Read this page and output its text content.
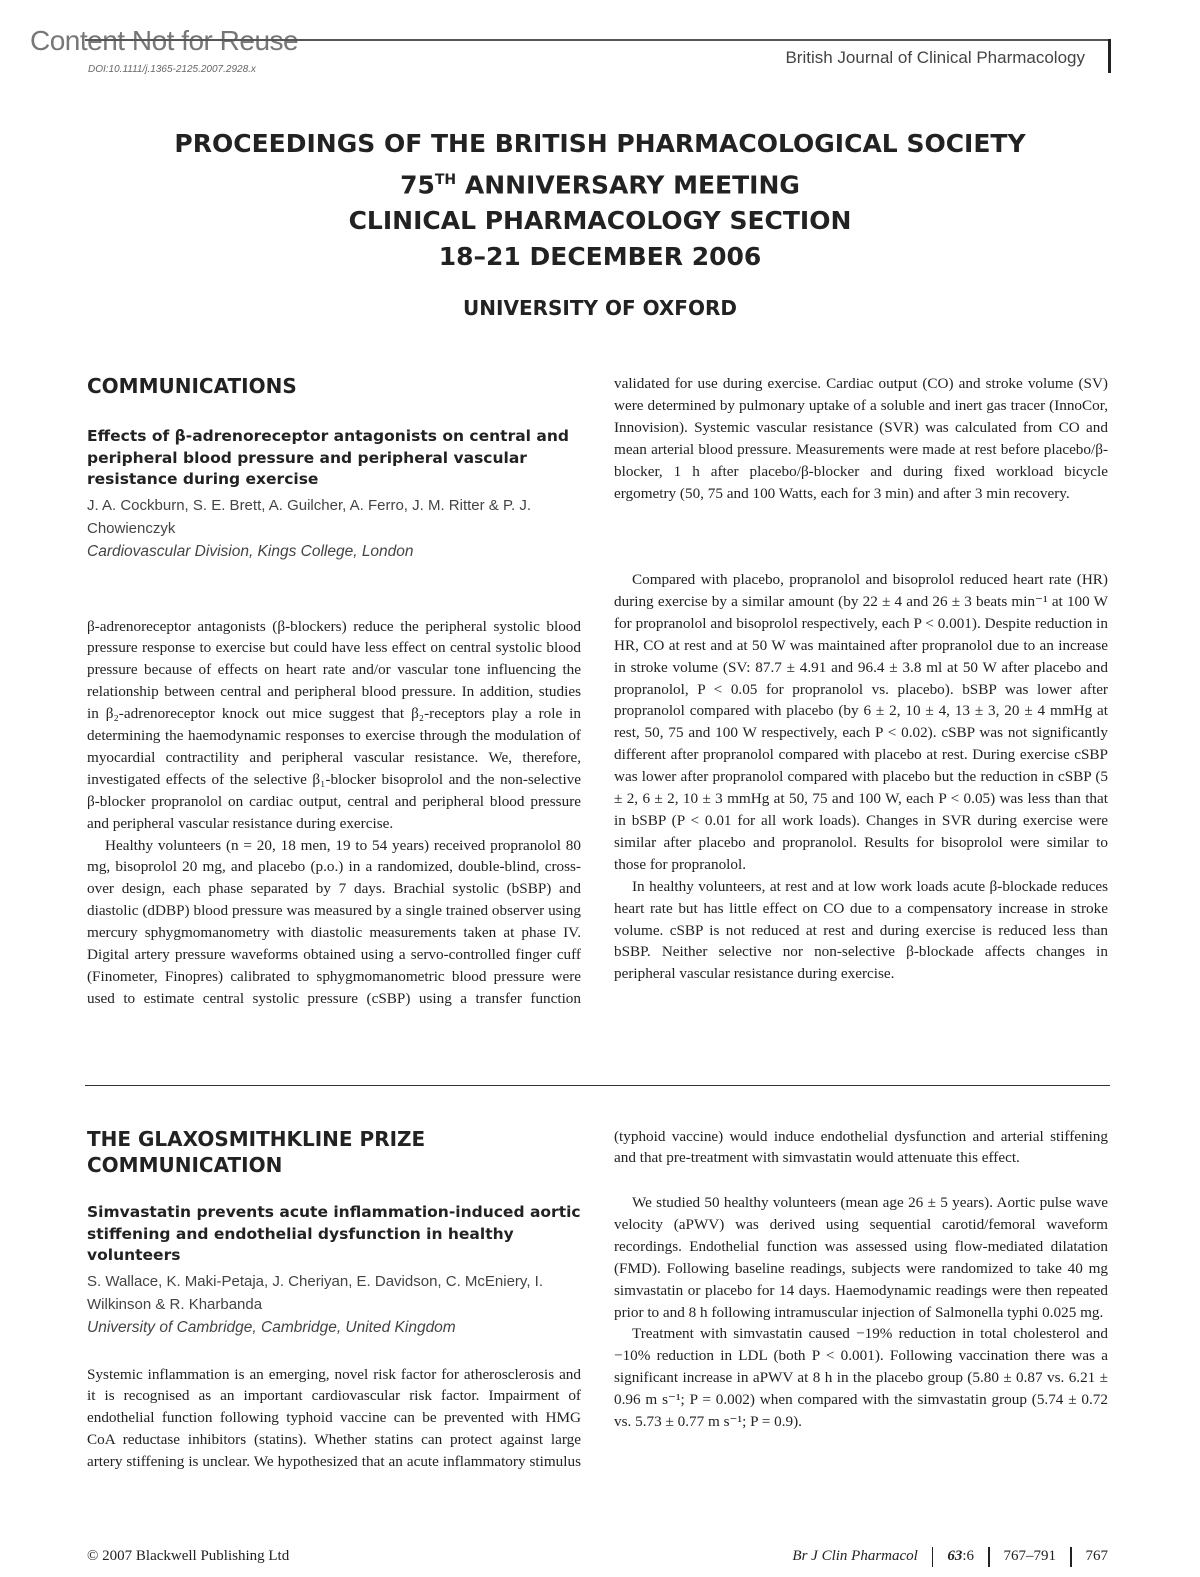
Content Not for Reuse
DOI:10.1111/j.1365-2125.2007.2928.x
British Journal of Clinical Pharmacology
PROCEEDINGS OF THE BRITISH PHARMACOLOGICAL SOCIETY
75TH ANNIVERSARY MEETING
CLINICAL PHARMACOLOGY SECTION
18–21 DECEMBER 2006
UNIVERSITY OF OXFORD
COMMUNICATIONS
Effects of β-adrenoreceptor antagonists on central and peripheral blood pressure and peripheral vascular resistance during exercise

J. A. Cockburn, S. E. Brett, A. Guilcher, A. Ferro, J. M. Ritter & P. J. Chowienczyk

Cardiovascular Division, Kings College, London

β-adrenoreceptor antagonists (β-blockers) reduce the peripheral systolic blood pressure response to exercise but could have less effect on central systolic blood pressure because of effects on heart rate and/or vascular tone influencing the relationship between central and peripheral blood pressure. In addition, studies in β₂-adrenoreceptor knock out mice suggest that β₂-receptors play a role in determining the haemodynamic responses to exercise through the modulation of myocardial contractility and peripheral vascular resistance. We, therefore, investigated effects of the selective β₁-blocker bisoprolol and the non-selective β-blocker propranolol on cardiac output, central and peripheral blood pressure and peripheral vascular resistance during exercise.

Healthy volunteers (n = 20, 18 men, 19 to 54 years) received propranolol 80 mg, bisoprolol 20 mg, and placebo (p.o.) in a randomized, double-blind, cross-over design, each phase separated by 7 days. Brachial systolic (bSBP) and diastolic (dDBP) blood pressure was measured by a single trained observer using mercury sphygmomanometry with diastolic measurements taken at phase IV. Digital artery pressure waveforms obtained using a servo-controlled finger cuff (Finometer, Finopres) calibrated to sphygmomanometric blood pressure were used to estimate central systolic pressure (cSBP) using a transfer function

validated for use during exercise. Cardiac output (CO) and stroke volume (SV) were determined by pulmonary uptake of a soluble and inert gas tracer (InnoCor, Innovision). Systemic vascular resistance (SVR) was calculated from CO and mean arterial blood pressure. Measurements were made at rest before placebo/β-blocker, 1 h after placebo/β-blocker and during fixed workload bicycle ergometry (50, 75 and 100 Watts, each for 3 min) and after 3 min recovery.

Compared with placebo, propranolol and bisoprolol reduced heart rate (HR) during exercise by a similar amount (by 22 ± 4 and 26 ± 3 beats min⁻¹ at 100 W for propranolol and bisoprolol respectively, each P < 0.001). Despite reduction in HR, CO at rest and at 50 W was maintained after propranolol due to an increase in stroke volume (SV: 87.7 ± 4.91 and 96.4 ± 3.8 ml at 50 W after placebo and propranolol, P < 0.05 for propranolol vs. placebo). bSBP was lower after propranolol compared with placebo (by 6 ± 2, 10 ± 4, 13 ± 3, 20 ± 4 mmHg at rest, 50, 75 and 100 W respectively, each P < 0.02). cSBP was not significantly different after propranolol compared with placebo at rest. During exercise cSBP was lower after propranolol compared with placebo but the reduction in cSBP (5 ± 2, 6 ± 2, 10 ± 3 mmHg at 50, 75 and 100 W, each P < 0.05) was less than that in bSBP (P < 0.01 for all work loads). Changes in SVR during exercise were similar after placebo and propranolol. Results for bisoprolol were similar to those for propranolol.

In healthy volunteers, at rest and at low work loads acute β-blockade reduces heart rate but has little effect on CO due to a compensatory increase in stroke volume. cSBP is not reduced at rest and during exercise is reduced less than bSBP. Neither selective nor non-selective β-blockade affects changes in peripheral vascular resistance during exercise.

THE GLAXOSMITHKLINE PRIZE COMMUNICATION
Simvastatin prevents acute inflammation-induced aortic stiffening and endothelial dysfunction in healthy volunteers

S. Wallace, K. Maki-Petaja, J. Cheriyan, E. Davidson, C. McEniery, I. Wilkinson & R. Kharbanda

University of Cambridge, Cambridge, United Kingdom

Systemic inflammation is an emerging, novel risk factor for atherosclerosis and it is recognised as an important cardiovascular risk factor. Impairment of endothelial function following typhoid vaccine can be prevented with HMG CoA reductase inhibitors (statins). Whether statins can protect against large artery stiffening is unclear. We hypothesized that an acute inflammatory stimulus

(typhoid vaccine) would induce endothelial dysfunction and arterial stiffening and that pre-treatment with simvastatin would attenuate this effect.

We studied 50 healthy volunteers (mean age 26 ± 5 years). Aortic pulse wave velocity (aPWV) was derived using sequential carotid/femoral waveform recordings. Endothelial function was assessed using flow-mediated dilatation (FMD). Following baseline readings, subjects were randomized to take 40 mg simvastatin or placebo for 14 days. Haemodynamic readings were then repeated prior to and 8 h following intramuscular injection of Salmonella typhi 0.025 mg.

Treatment with simvastatin caused −19% reduction in total cholesterol and −10% reduction in LDL (both P < 0.001). Following vaccination there was a significant increase in aPWV at 8 h in the placebo group (5.80 ± 0.87 vs. 6.21 ± 0.96 m s⁻¹; P = 0.002) when compared with the simvastatin group (5.74 ± 0.72 vs. 5.73 ± 0.77 m s⁻¹; P = 0.9).

© 2007 Blackwell Publishing Ltd	Br J Clin Pharmacol 63:6 767–791 767
